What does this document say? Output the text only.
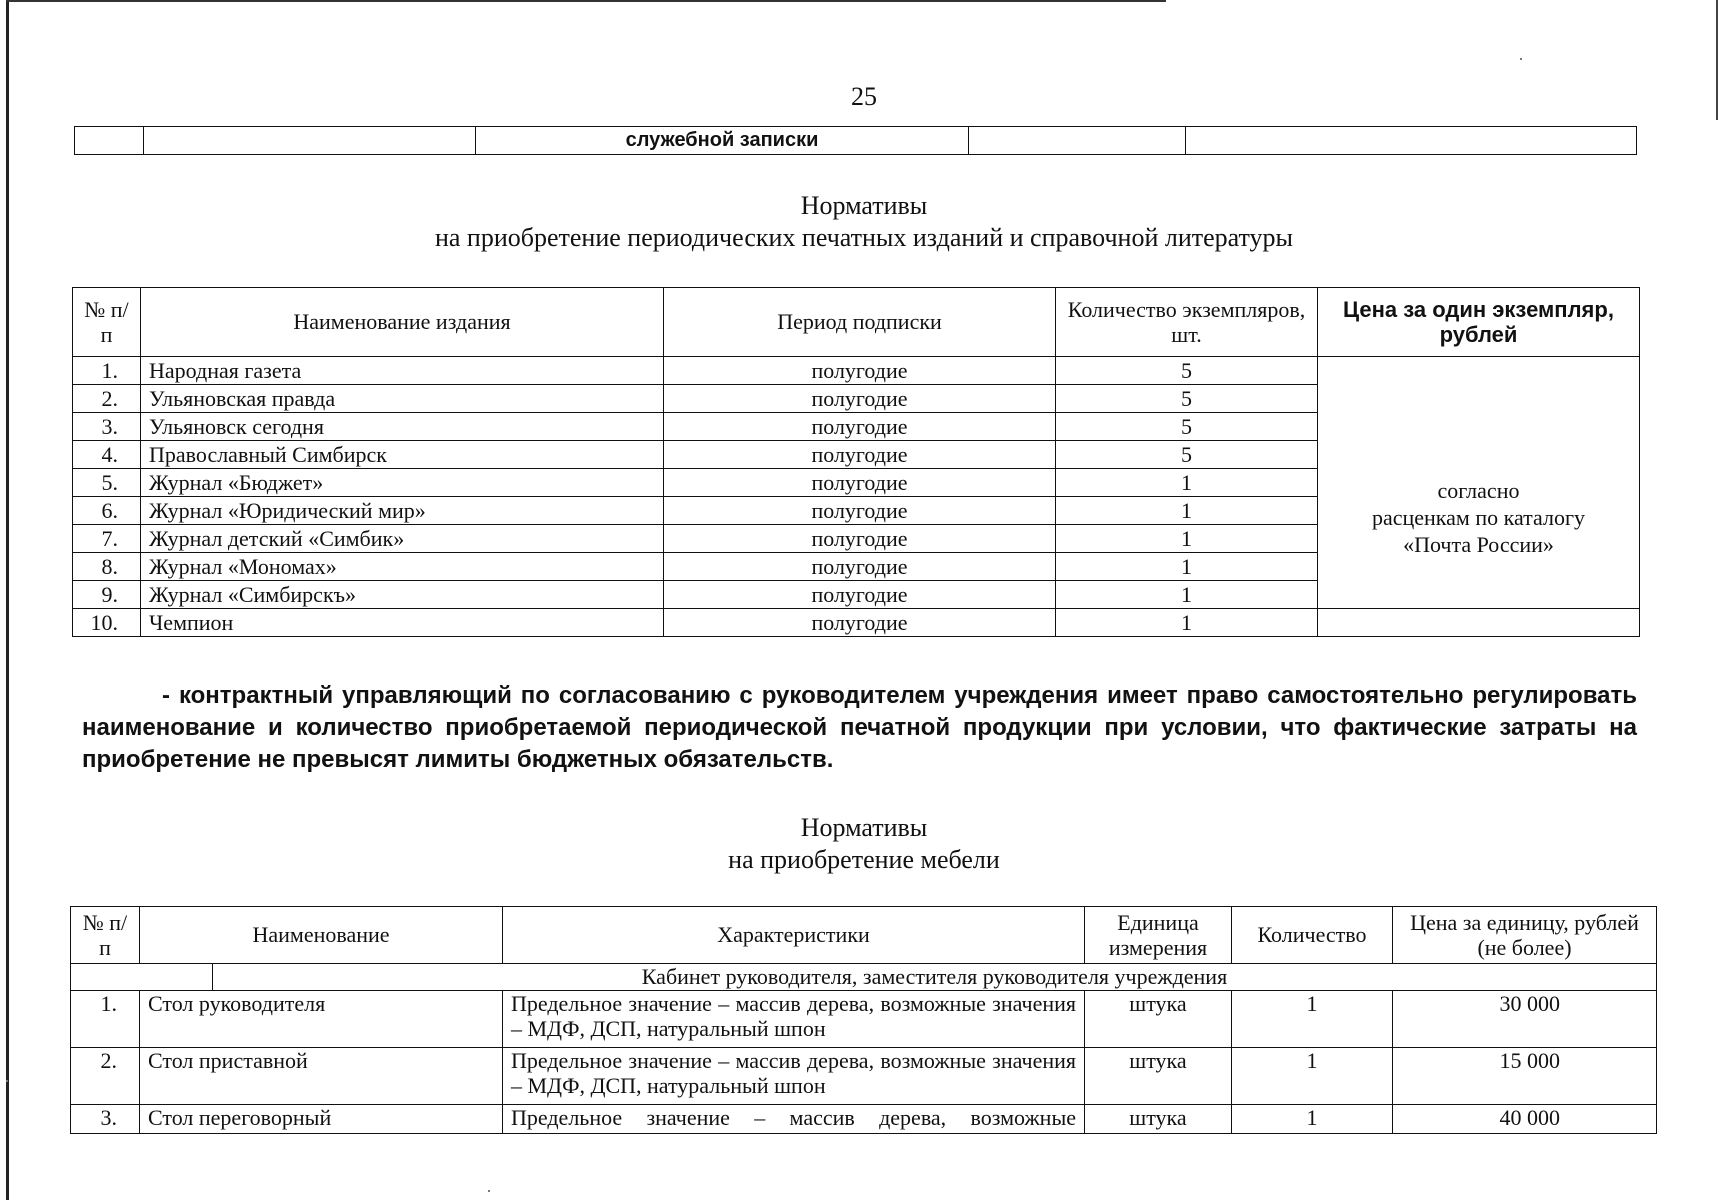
25
		служебной записки		
Нормативы
на приобретение периодических печатных изданий и справочной литературы
№ п/п	Наименование издания	Период подписки	Количество экземпляров, шт.	Цена за один экземпляр, рублей
1.	Народная газета	полугодие	5	согласно
расценкам по каталогу
«Почта России»

2.	Ульяновская правда	полугодие	5	
3.	Ульяновск сегодня	полугодие	5	
4.	Православный Симбирск	полугодие	5	
5.	Журнал «Бюджет»	полугодие	1	
6.	Журнал «Юридический мир»	полугодие	1	
7.	Журнал детский «Симбик»	полугодие	1	
8.	Журнал «Мономах»	полугодие	1	
9.	Журнал «Симбирскъ»	полугодие	1	
10.	Чемпион	полугодие	1	
- контрактный управляющий по согласованию с руководителем учреждения имеет право самостоятельно регулировать наименование и количество приобретаемой периодической печатной продукции при условии, что фактические затраты на приобретение не превысят лимиты бюджетных обязательств.
Нормативы
на приобретение мебели
№ п/п	Наименование		Характеристики	Единица измерения	Количество	Цена за единицу, рублей (не более)
		Кабинет руководителя, заместителя руководителя учреждения				
1.	Стол руководителя		Предельное значение – массив дерева, возможные значения – МДФ, ДСП, натуральный шпон	штука	1	30 000
2.	Стол приставной		Предельное значение – массив дерева, возможные значения – МДФ, ДСП, натуральный шпон	штука	1	15 000
3.	Стол переговорный		Предельное значение – массив дерева, возможные	штука	1	40 000
